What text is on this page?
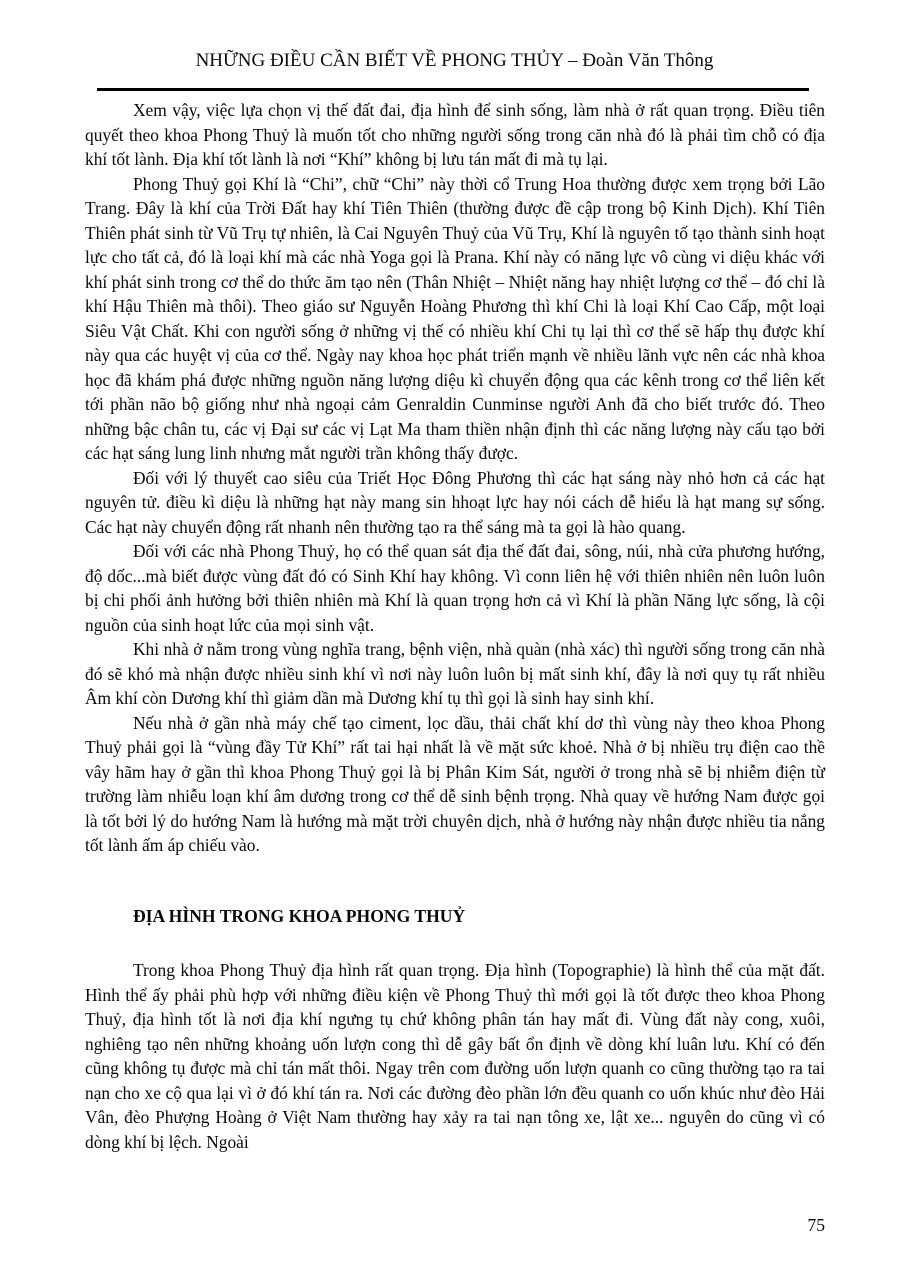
NHỮNG ĐIỀU CẦN BIẾT VỀ PHONG THỦY – Đoàn Văn Thông

Xem vậy, việc lựa chọn vị thế đất đai, địa hình để sinh sống, làm nhà ở rất quan trọng. Điều tiên quyết theo khoa Phong Thuỷ là muốn tốt cho những người sống trong căn nhà đó là phải tìm chỗ có địa khí tốt lành. Địa khí tốt lành là nơi “Khí” không bị lưu tán mất đi mà tụ lại.

Phong Thuỷ gọi Khí là “Chi”, chữ “Chi” này thời cổ Trung Hoa thường được xem trọng bởi Lão Trang. Đây là khí của Trời Đất hay khí Tiên Thiên (thường được đề cập trong bộ Kinh Dịch). Khí Tiên Thiên phát sinh từ Vũ Trụ tự nhiên, là Cai Nguyên Thuỷ của Vũ Trụ, Khí là nguyên tố tạo thành sinh hoạt lực cho tất cả, đó là loại khí mà các nhà Yoga gọi là Prana. Khí này có năng lực vô cùng vi diệu khác với khí phát sinh trong cơ thể do thức ăm tạo nên (Thân Nhiệt – Nhiệt năng hay nhiệt lượng cơ thể – đó chỉ là khí Hậu Thiên mà thôi). Theo giáo sư Nguyễn Hoàng Phương thì khí Chi là loại Khí Cao Cấp, một loại Siêu Vật Chất. Khi con người sống ở những vị thế có nhiều khí Chi tụ lại thì cơ thể sẽ hấp thụ được khí này qua các huyệt vị của cơ thể. Ngày nay khoa học phát triển mạnh về nhiều lãnh vực nên các nhà khoa học đã khám phá được những nguồn năng lượng diệu kì chuyển động qua các kênh trong cơ thể liên kết tới phần não bộ giống như nhà ngoại cảm Genraldin Cunminse người Anh đã cho biết trước đó. Theo những bậc chân tu, các vị Đại sư các vị Lạt Ma tham thiền nhận định thì các năng lượng này cấu tạo bởi các hạt sáng lung linh nhưng mắt người trần không thấy được.

Đối với lý thuyết cao siêu của Triết Học Đông Phương thì các hạt sáng này nhỏ hơn cả các hạt nguyên tử. điều kì diệu là những hạt này mang sin hhoạt lực hay nói cách dễ hiểu là hạt mang sự sống. Các hạt này chuyển động rất nhanh nên thường tạo ra thể sáng mà ta gọi là hào quang.

Đối với các nhà Phong Thuỷ, họ có thể quan sát địa thế đất đai, sông, núi, nhà cửa phương hướng, độ dốc...mà biết được vùng đất đó có Sinh Khí hay không. Vì conn liên hệ với thiên nhiên nên luôn luôn bị chi phối ảnh hưởng bởi thiên nhiên mà Khí là quan trọng hơn cả vì Khí là phần Năng lực sống, là cội nguồn của sinh hoạt lức của mọi sinh vật.

Khi nhà ở nằm trong vùng nghĩa trang, bệnh viện, nhà quàn (nhà xác) thì người sống trong căn nhà đó sẽ khó mà nhận được nhiều sinh khí vì nơi này luôn luôn bị mất sinh khí, đây là nơi quy tụ rất nhiều Âm khí còn Dương khí thì giảm dần mà Dương khí tụ thì gọi là sinh hay sinh khí.

Nếu nhà ở gần nhà máy chế tạo ciment, lọc dầu, thải chất khí dơ thì vùng này theo khoa Phong Thuỷ phải gọi là “vùng đầy Tử Khí” rất tai hại nhất là về mặt sức khoẻ. Nhà ở bị nhiều trụ điện cao thề vây hãm hay ở gần thì khoa Phong Thuỷ gọi là bị Phân Kim Sát, người ở trong nhà sẽ bị nhiễm điện từ trường làm nhiễu loạn khí âm dương trong cơ thể dễ sinh bệnh trọng. Nhà quay về hướng Nam được gọi là tốt bởi lý do hướng Nam là hướng mà mặt trời chuyên dịch, nhà ở hướng này nhận được nhiều tia nắng tốt lành ấm áp chiếu vào.

ĐỊA HÌNH TRONG KHOA PHONG THUỶ

Trong khoa Phong Thuỷ địa hình rất quan trọng. Địa hình (Topographie) là hình thể của mặt đất. Hình thể ấy phải phù hợp với những điều kiện về Phong Thuỷ thì mới gọi là tốt được theo khoa Phong Thuỷ, địa hình tốt là nơi địa khí ngưng tụ chứ không phân tán hay mất đi. Vùng đất này cong, xuôi, nghiêng tạo nên những khoảng uốn lượn cong thì dễ gây bất ổn định về dòng khí luân lưu. Khí có đến cũng không tụ được mà chỉ tán mất thôi. Ngay trên com đường uốn lượn quanh co cũng thường tạo ra tai nạn cho xe cộ qua lại vì ở đó khí tán ra. Nơi các đường đèo phần lớn đều quanh co uốn khúc như đèo Hải Vân, đèo Phượng Hoàng ở Việt Nam thường hay xảy ra tai nạn tông xe, lật xe... nguyên do cũng vì có dòng khí bị lệch. Ngoài

75
